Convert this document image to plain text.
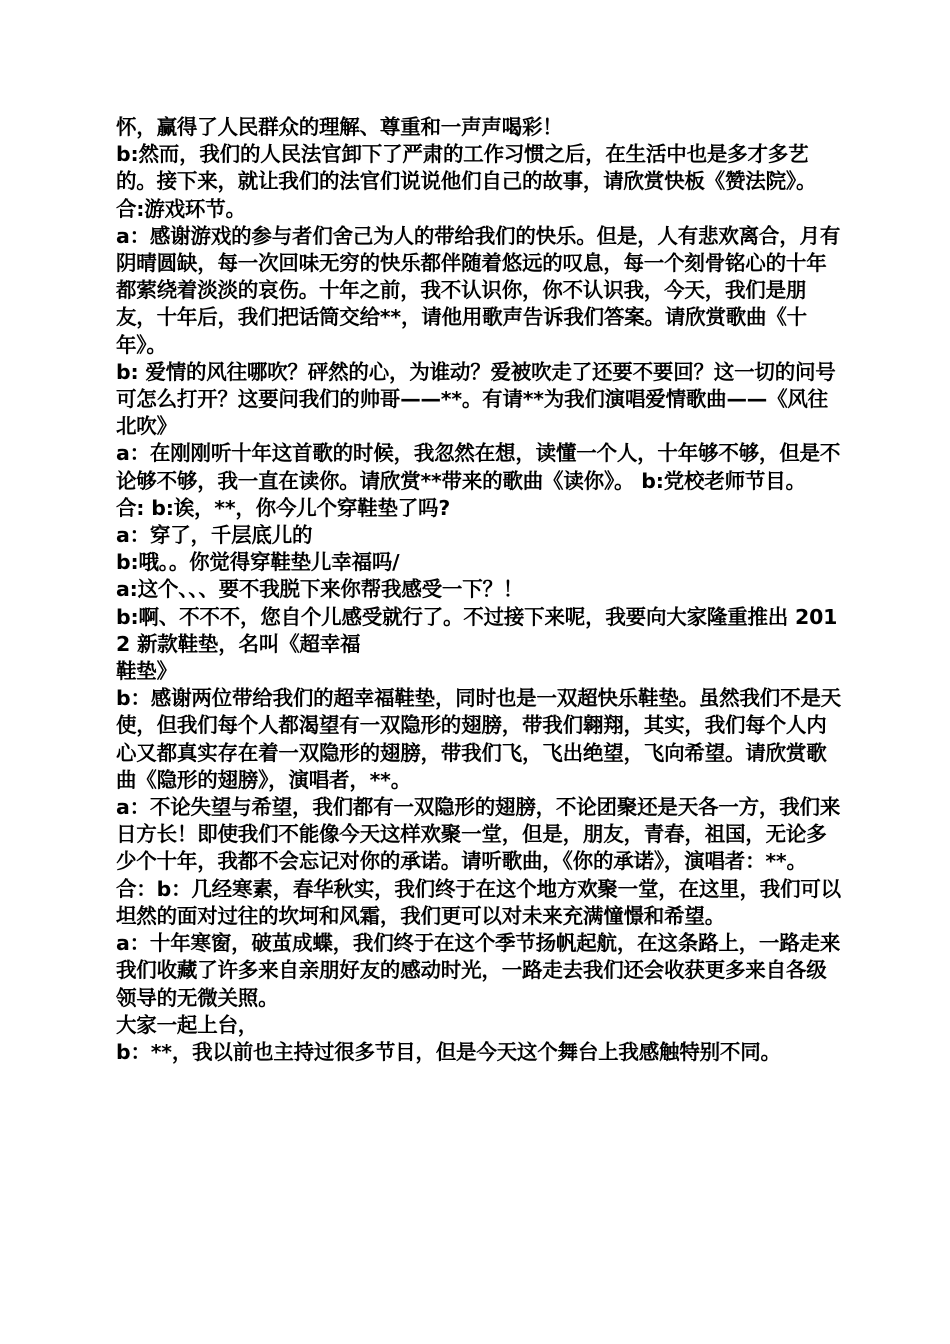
怀，赢得了人民群众的理解、尊重和一声声喝彩！

b:然而，我们的人民法官卸下了严肃的工作习惯之后，在生活中也是多才多艺的。接下来，就让我们的法官们说说他们自己的故事，请欣赏快板《赞法院》。

合:游戏环节。

a：感谢游戏的参与者们舍己为人的带给我们的快乐。但是，人有悲欢离合，月有阴晴圆缺，每一次回味无穷的快乐都伴随着悠远的叹息，每一个刻骨铭心的十年都萦绕着淡淡的哀伤。十年之前，我不认识你，你不认识我，今天，我们是朋友，十年后，我们把话筒交给**，请他用歌声告诉我们答案。请欣赏歌曲《十年》。

b: 爱情的风往哪吹？砰然的心，为谁动？爱被吹走了还要不要回？这一切的问号可怎么打开？这要问我们的帅哥——**。有请**为我们演唱爱情歌曲——《风往北吹》

a：在刚刚听十年这首歌的时候，我忽然在想，读懂一个人，十年够不够，但是不论够不够，我一直在读你。请欣赏**带来的歌曲《读你》。 b:党校老师节目。

合: b:诶，**，你今儿个穿鞋垫了吗?

a：穿了，千层底儿的

b:哦。。你觉得穿鞋垫儿幸福吗/

a:这个、、、要不我脱下来你帮我感受一下？！

b:啊、不不不，您自个儿感受就行了。不过接下来呢，我要向大家隆重推出 2012 新款鞋垫，名叫《超幸福

鞋垫》

b：感谢两位带给我们的超幸福鞋垫，同时也是一双超快乐鞋垫。虽然我们不是天使，但我们每个人都渴望有一双隐形的翅膀，带我们翱翔，其实，我们每个人内心又都真实存在着一双隐形的翅膀，带我们飞，飞出绝望，飞向希望。请欣赏歌曲《隐形的翅膀》，演唱者，**。

a：不论失望与希望，我们都有一双隐形的翅膀，不论团聚还是天各一方，我们来日方长！即使我们不能像今天这样欢聚一堂，但是，朋友，青春，祖国，无论多少个十年，我都不会忘记对你的承诺。请听歌曲，《你的承诺》，演唱者：**。

合：b：几经寒素，春华秋实，我们终于在这个地方欢聚一堂，在这里，我们可以坦然的面对过往的坎坷和风霜，我们更可以对未来充满憧憬和希望。

a：十年寒窗，破茧成蝶，我们终于在这个季节扬帆起航，在这条路上，一路走来我们收藏了许多来自亲朋好友的感动时光，一路走去我们还会收获更多来自各级领导的无微关照。

大家一起上台，

b：**，我以前也主持过很多节目，但是今天这个舞台上我感触特别不同。
